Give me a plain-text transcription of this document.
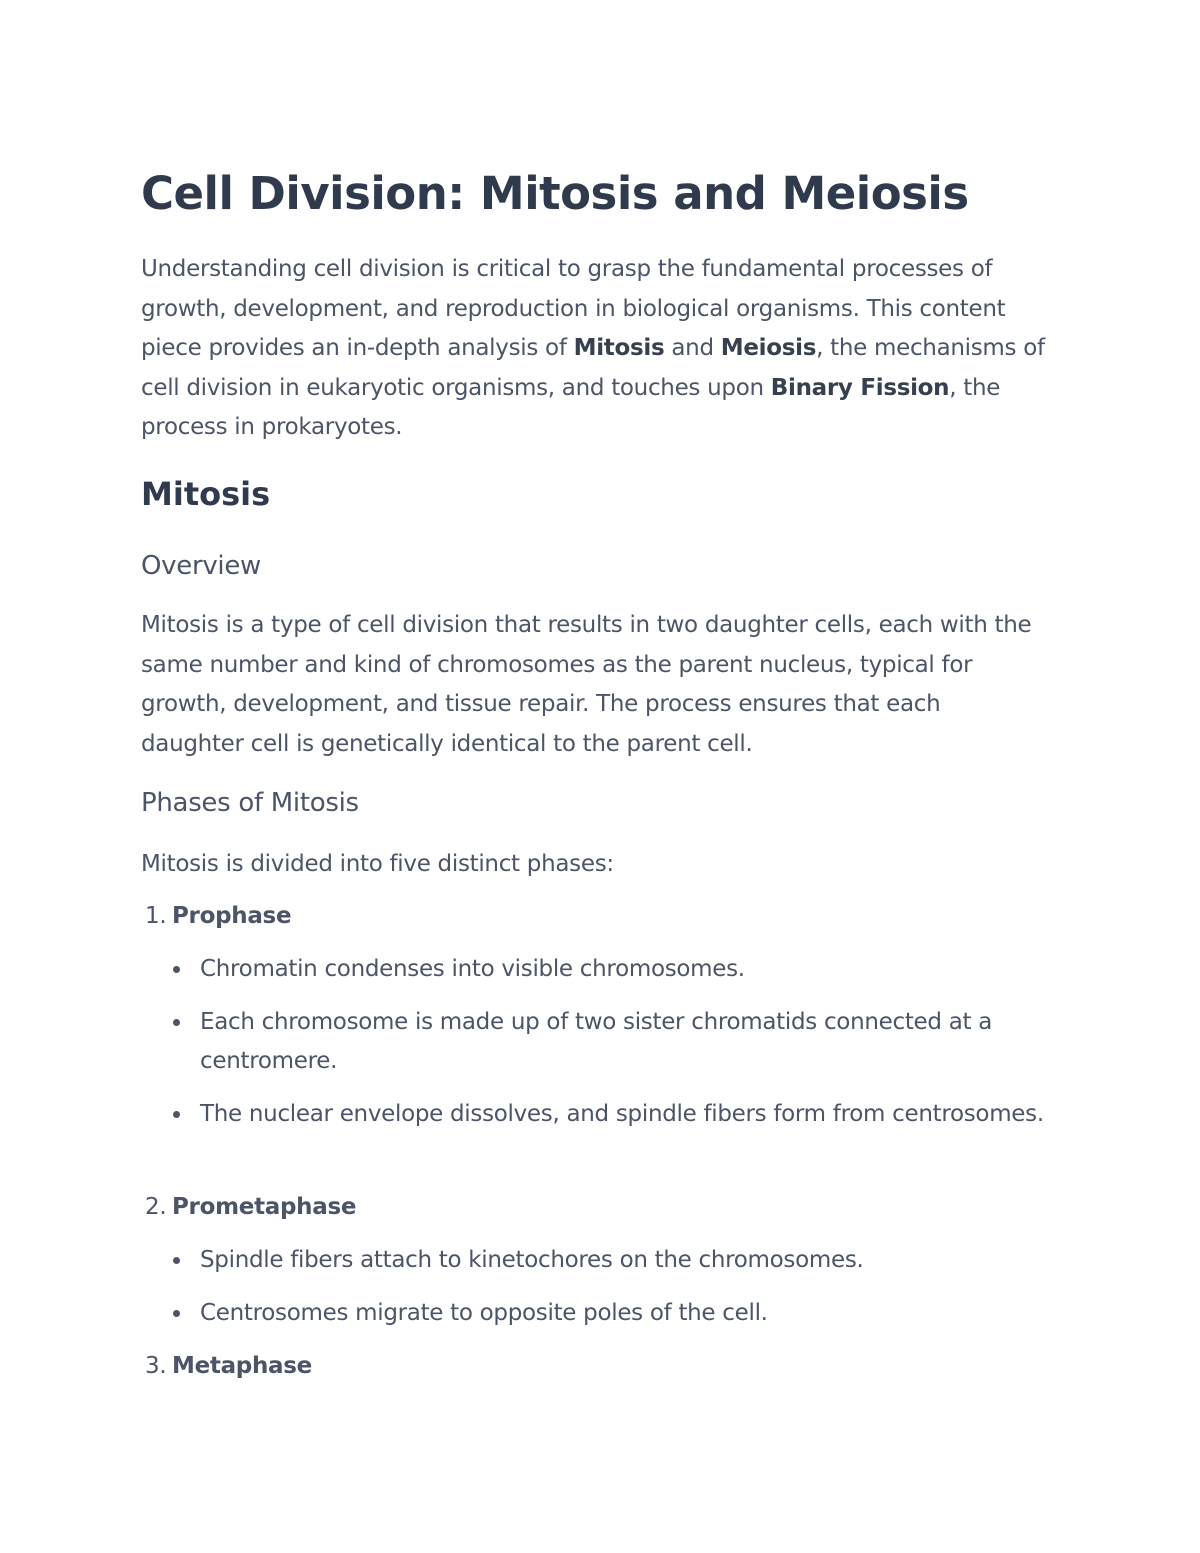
Cell Division: Mitosis and Meiosis

Understanding cell division is critical to grasp the fundamental processes of growth, development, and reproduction in biological organisms. This content piece provides an in-depth analysis of Mitosis and Meiosis, the mechanisms of cell division in eukaryotic organisms, and touches upon Binary Fission, the process in prokaryotes.

Mitosis
Overview

Mitosis is a type of cell division that results in two daughter cells, each with the same number and kind of chromosomes as the parent nucleus, typical for growth, development, and tissue repair. The process ensures that each daughter cell is genetically identical to the parent cell.

Phases of Mitosis

Mitosis is divided into five distinct phases:

1. Prophase
Chromatin condenses into visible chromosomes.
Each chromosome is made up of two sister chromatids connected at a centromere.
The nuclear envelope dissolves, and spindle fibers form from centrosomes.
2. Prometaphase
Spindle fibers attach to kinetochores on the chromosomes.
Centrosomes migrate to opposite poles of the cell.
3. Metaphase
